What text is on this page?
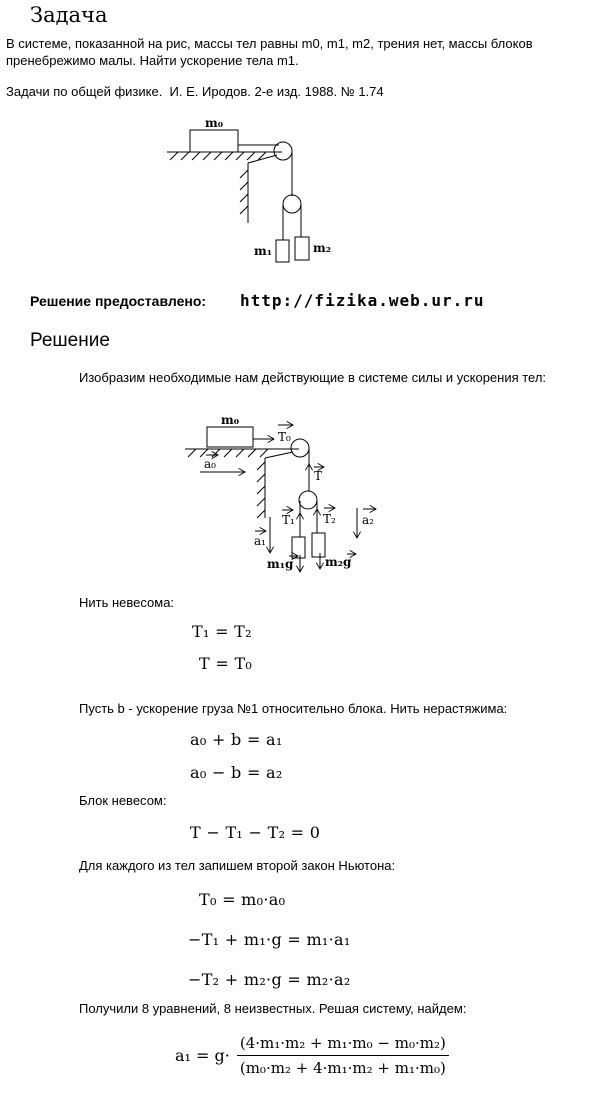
Задача
В системе, показанной на рис, массы тел равны m0, m1, m2, трения нет, массы блоков пренебрежимо малы. Найти ускорение тела m1.
Задачи по общей физике.  И. Е. Иродов. 2-е изд. 1988. № 1.74
m₀
m₁	m₂
Решение предоставлено: http://fizika.web.ur.ru
Решение
Изобразим необходимые нам действующие в системе силы и ускорения тел:
m₀
T₀
a₀
T
T₁ T₂
a₁
a₂
m₁g	m₂g
Нить невесома:
T₁ = T₂
T = T₀
Пусть b - ускорение груза №1 относительно блока. Нить нерастяжима:
a₀ + b = a₁
a₀ − b = a₂
Блок невесом:
T − T₁ − T₂ = 0
Для каждого из тел запишем второй закон Ньютона:
T₀ = m₀·a₀
−T₁ + m₁·g = m₁·a₁
−T₂ + m₂·g = m₂·a₂
Получили 8 уравнений, 8 неизвестных. Решая систему, найдем:
$a_1 = g\cdot \frac{\text{(4·m₁·m₂ + m₁·m₀ − m₀·m₂)}}{\text{(m₀·m₂ + 4·m₁·m₂ + m₁·m₀)}}$
